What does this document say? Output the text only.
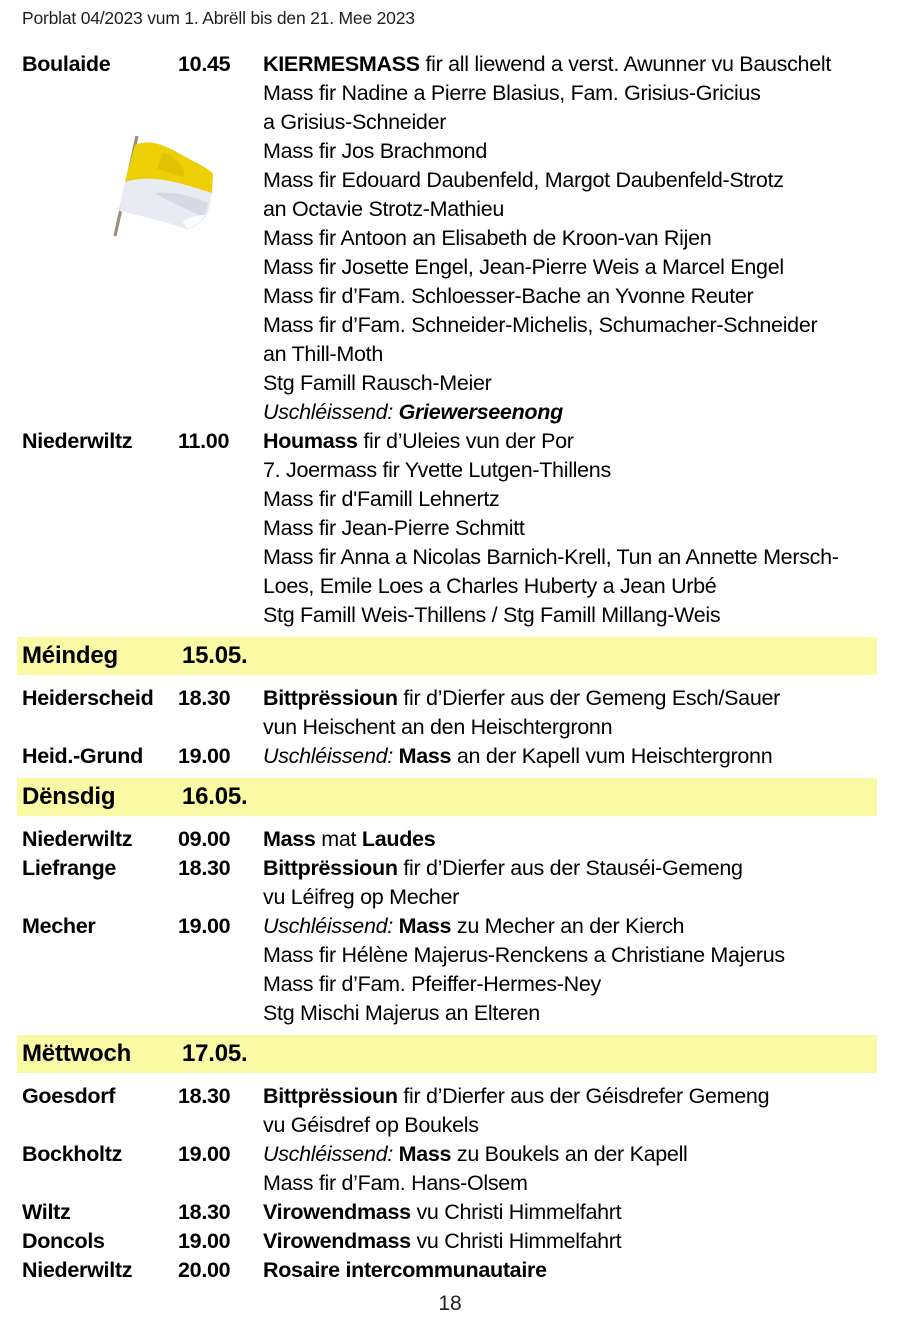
Porblat 04/2023 vum 1. Abrëll bis den 21. Mee 2023
Boulaide	10.45	KIERMESMASS fir all liewend a verst. Awunner vu Bauschelt
Mass fir Nadine a Pierre Blasius, Fam. Grisius-Gricius
a Grisius-Schneider
Mass fir Jos Brachmond
Mass fir Edouard Daubenfeld, Margot Daubenfeld-Strotz
an Octavie Strotz-Mathieu
Mass fir Antoon an Elisabeth de Kroon-van Rijen
Mass fir Josette Engel, Jean-Pierre Weis a Marcel Engel
Mass fir d’Fam. Schloesser-Bache an Yvonne Reuter
Mass fir d’Fam. Schneider-Michelis, Schumacher-Schneider
an Thill-Moth
Stg Famill Rausch-Meier
Uschléissend: Griewerseenong
Niederwiltz	11.00	Houmass fir d’Uleies vun der Por
7. Joermass fir Yvette Lutgen-Thillens
Mass fir d'Famill Lehnertz
Mass fir Jean-Pierre Schmitt
Mass fir Anna a Nicolas Barnich-Krell, Tun an Annette Mersch-
Loes, Emile Loes a Charles Huberty a Jean Urbé
Stg Famill Weis-Thillens / Stg Famill Millang-Weis
Méindeg	15.05.
Heiderscheid	18.30	Bittprëssioun fir d’Dierfer aus der Gemeng Esch/Sauer
vun Heischent an den Heischtergronn
Heid.-Grund	19.00	Uschléissend: Mass an der Kapell vum Heischtergronn
Dënsdig	16.05.
Niederwiltz	09.00	Mass mat Laudes
Liefrange	18.30	Bittprëssioun fir d’Dierfer aus der Stauséi-Gemeng
vu Léifreg op Mecher
Mecher	19.00	Uschléissend: Mass zu Mecher an der Kierch
Mass fir Hélène Majerus-Renckens a Christiane Majerus
Mass fir d’Fam. Pfeiffer-Hermes-Ney
Stg Mischi Majerus an Elteren
Mëttwoch	17.05.
Goesdorf	18.30	Bittprëssioun fir d’Dierfer aus der Géisdrefer Gemeng
vu Géisdref op Boukels
Bockholtz	19.00	Uschléissend: Mass zu Boukels an der Kapell
Mass fir d’Fam. Hans-Olsem
Wiltz	18.30	Virowendmass vu Christi Himmelfahrt
Doncols	19.00	Virowendmass vu Christi Himmelfahrt
Niederwiltz	20.00	Rosaire intercommunautaire
18
